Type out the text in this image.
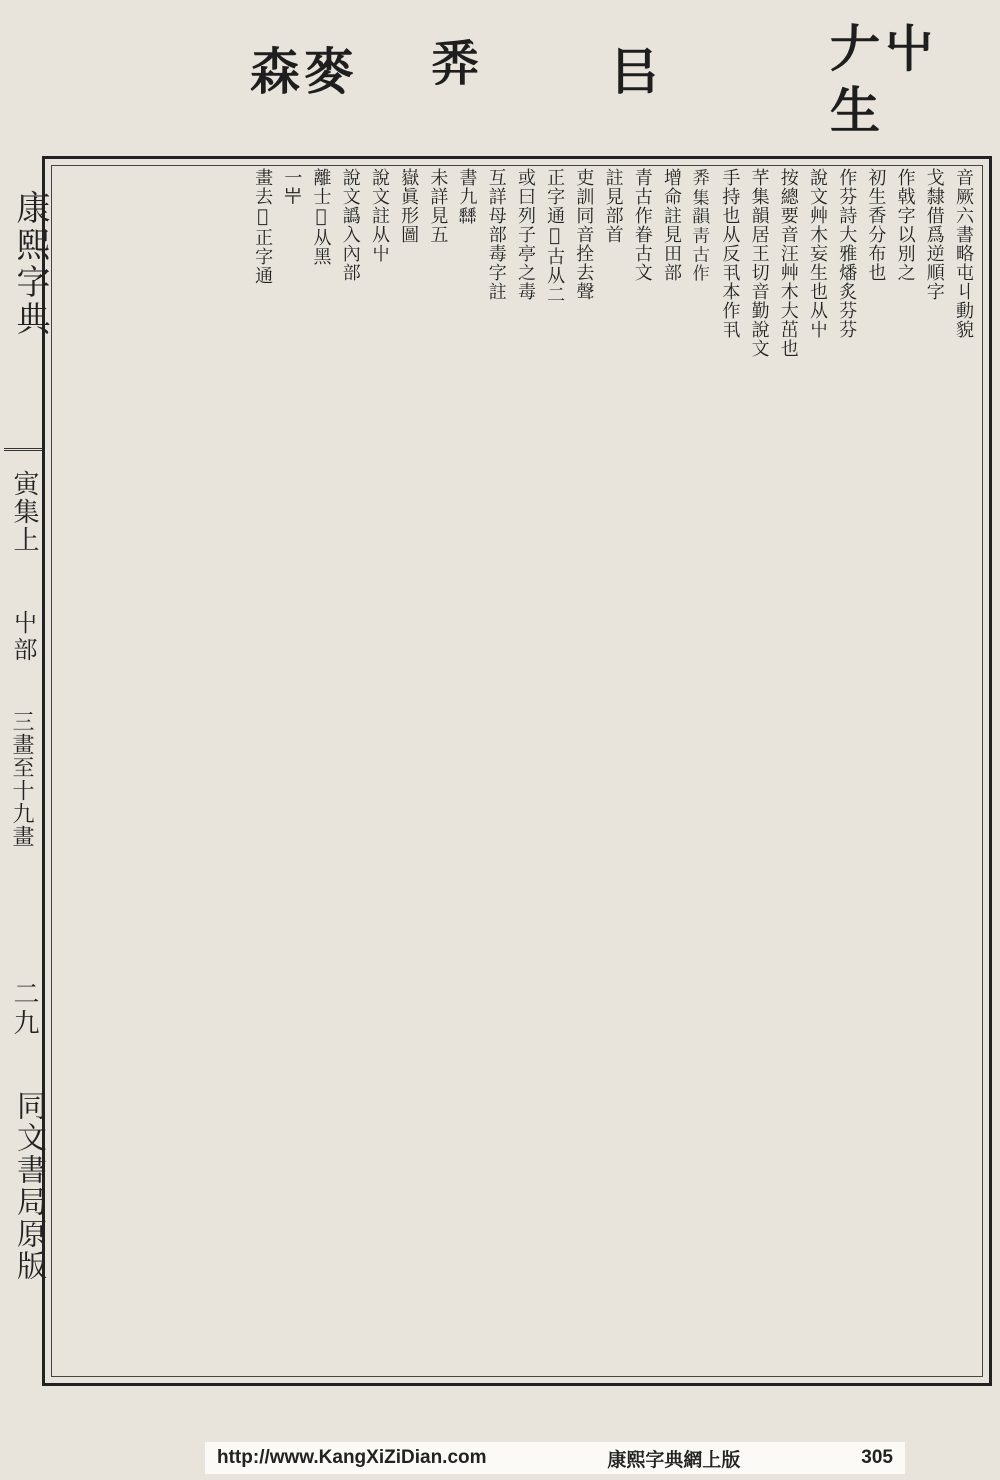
森麥 𢍏	㠯	𠂇屮 生
康熙字典
寅集上
屮部
三畫至十九畫
二九
同文書局原版
音厥六書略屯丩動貌
戈隸借爲逆順字
作戟字以別之
初生香分布也
作芬詩大雅燔炙芬芬
說文艸木妄生也从屮
按總要音汪艸木大茁也
芊集韻居王切音勤說文
手持也从反丮本作丮
𢍏集韻青古作
增命註見田部
青古作眷古文
註見部首
吏訓同音拴去聲
正字通𡴀古从二
或曰列子亭之毒
互詳母部毒字註
書九𡴬
未詳見五
嶽眞形圖
說文註从屮
說文譌入內部
離士𡴵从黑
一𡴶
畫去𡴷正字通
http://www.KangXiZiDian.com	康熙字典網上版	305
